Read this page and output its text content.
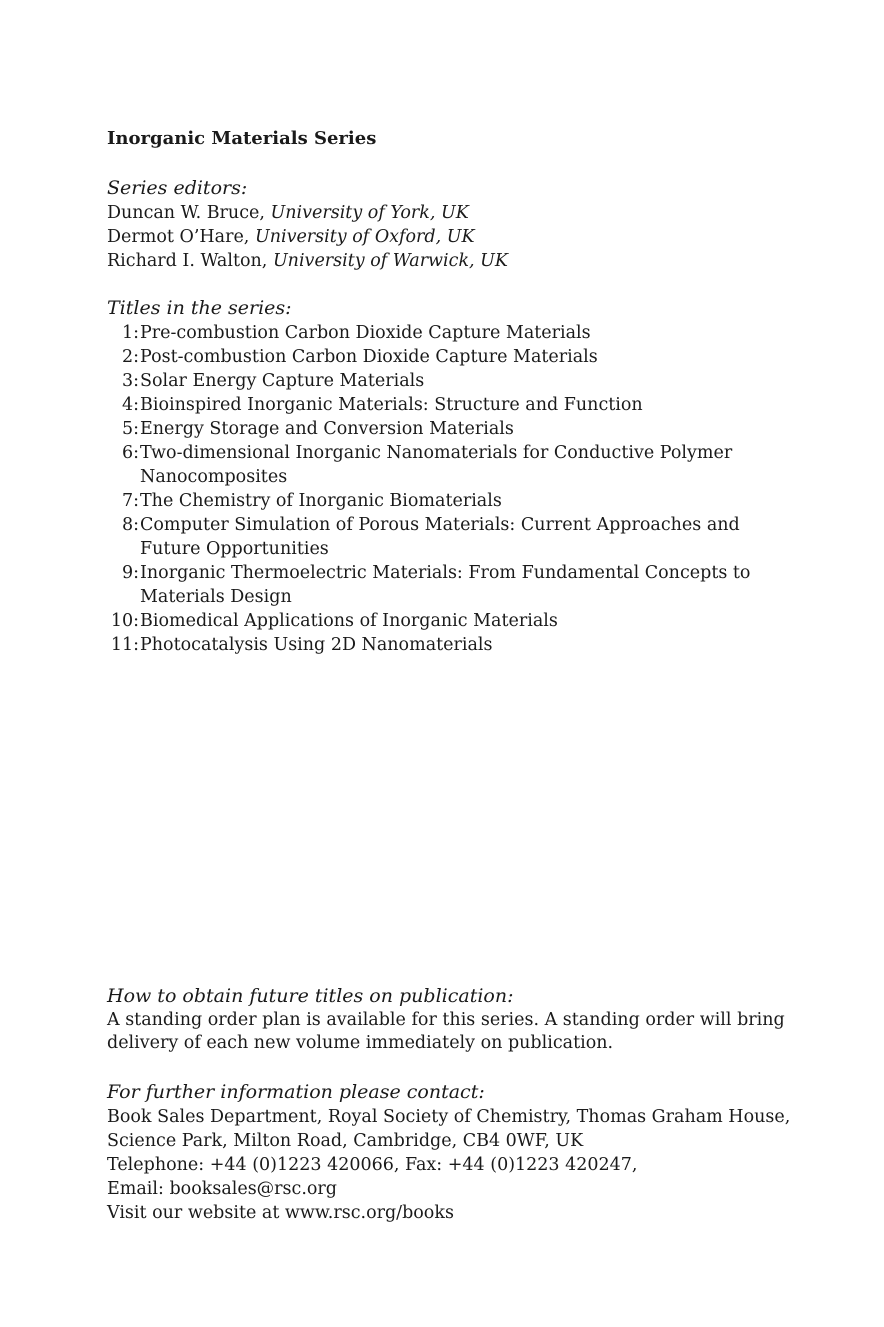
Inorganic Materials Series

Series editors:

Duncan W. Bruce, University of York, UK
Dermot O’Hare, University of Oxford, UK
Richard I. Walton, University of Warwick, UK

Titles in the series:

1: Pre-combustion Carbon Dioxide Capture Materials
2: Post-combustion Carbon Dioxide Capture Materials
3: Solar Energy Capture Materials
4: Bioinspired Inorganic Materials: Structure and Function
5: Energy Storage and Conversion Materials
6: Two-dimensional Inorganic Nanomaterials for Conductive Polymer Nanocomposites
7: The Chemistry of Inorganic Biomaterials
8: Computer Simulation of Porous Materials: Current Approaches and Future Opportunities
9: Inorganic Thermoelectric Materials: From Fundamental Concepts to Materials Design
10: Biomedical Applications of Inorganic Materials
11: Photocatalysis Using 2D Nanomaterials

How to obtain future titles on publication:

A standing order plan is available for this series. A standing order will bring
delivery of each new volume immediately on publication.

For further information please contact:

Book Sales Department, Royal Society of Chemistry, Thomas Graham House,
Science Park, Milton Road, Cambridge, CB4 0WF, UK
Telephone: +44 (0)1223 420066, Fax: +44 (0)1223 420247,
Email: booksales@rsc.org
Visit our website at www.rsc.org/books
